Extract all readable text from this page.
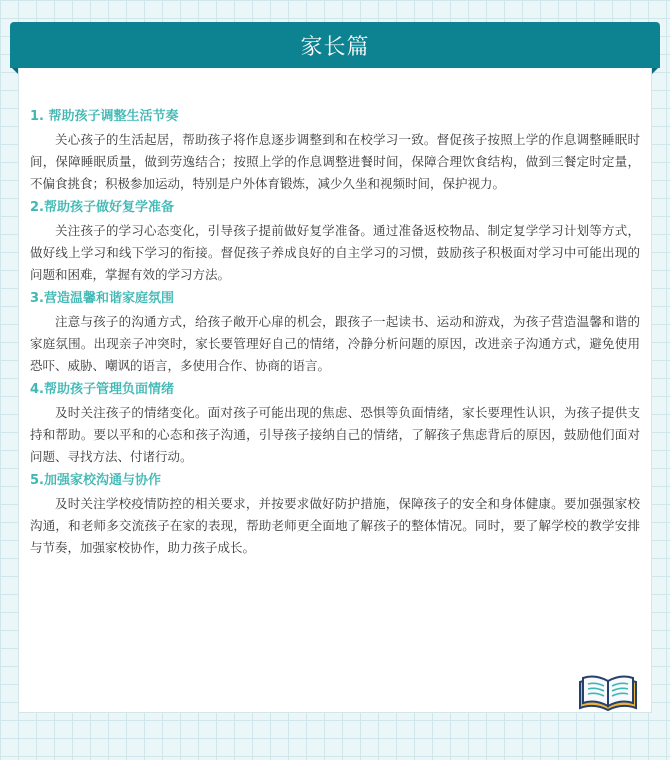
家长篇
1. 帮助孩子调整生活节奏

关心孩子的生活起居，帮助孩子将作息逐步调整到和在校学习一致。督促孩子按照上学的作息调整睡眠时间，保障睡眠质量，做到劳逸结合；按照上学的作息调整进餐时间，保障合理饮食结构，做到三餐定时定量，不偏食挑食；积极参加运动，特别是户外体育锻炼，减少久坐和视频时间，保护视力。

2.帮助孩子做好复学准备

关注孩子的学习心态变化，引导孩子提前做好复学准备。通过准备返校物品、制定复学学习计划等方式，做好线上学习和线下学习的衔接。督促孩子养成良好的自主学习的习惯，鼓励孩子积极面对学习中可能出现的问题和困难，掌握有效的学习方法。

3.营造温馨和谐家庭氛围

注意与孩子的沟通方式，给孩子敞开心扉的机会，跟孩子一起读书、运动和游戏，为孩子营造温馨和谐的家庭氛围。出现亲子冲突时，家长要管理好自己的情绪，冷静分析问题的原因，改进亲子沟通方式，避免使用恐吓、威胁、嘲讽的语言，多使用合作、协商的语言。

4.帮助孩子管理负面情绪

及时关注孩子的情绪变化。面对孩子可能出现的焦虑、恐惧等负面情绪，家长要理性认识，为孩子提供支持和帮助。要以平和的心态和孩子沟通，引导孩子接纳自己的情绪，了解孩子焦虑背后的原因，鼓励他们面对问题、寻找方法、付诸行动。

5.加强家校沟通与协作

及时关注学校疫情防控的相关要求，并按要求做好防护措施，保障孩子的安全和身体健康。要加强强家校沟通，和老师多交流孩子在家的表现，帮助老师更全面地了解孩子的整体情况。同时，要了解学校的教学安排与节奏，加强家校协作，助力孩子成长。
